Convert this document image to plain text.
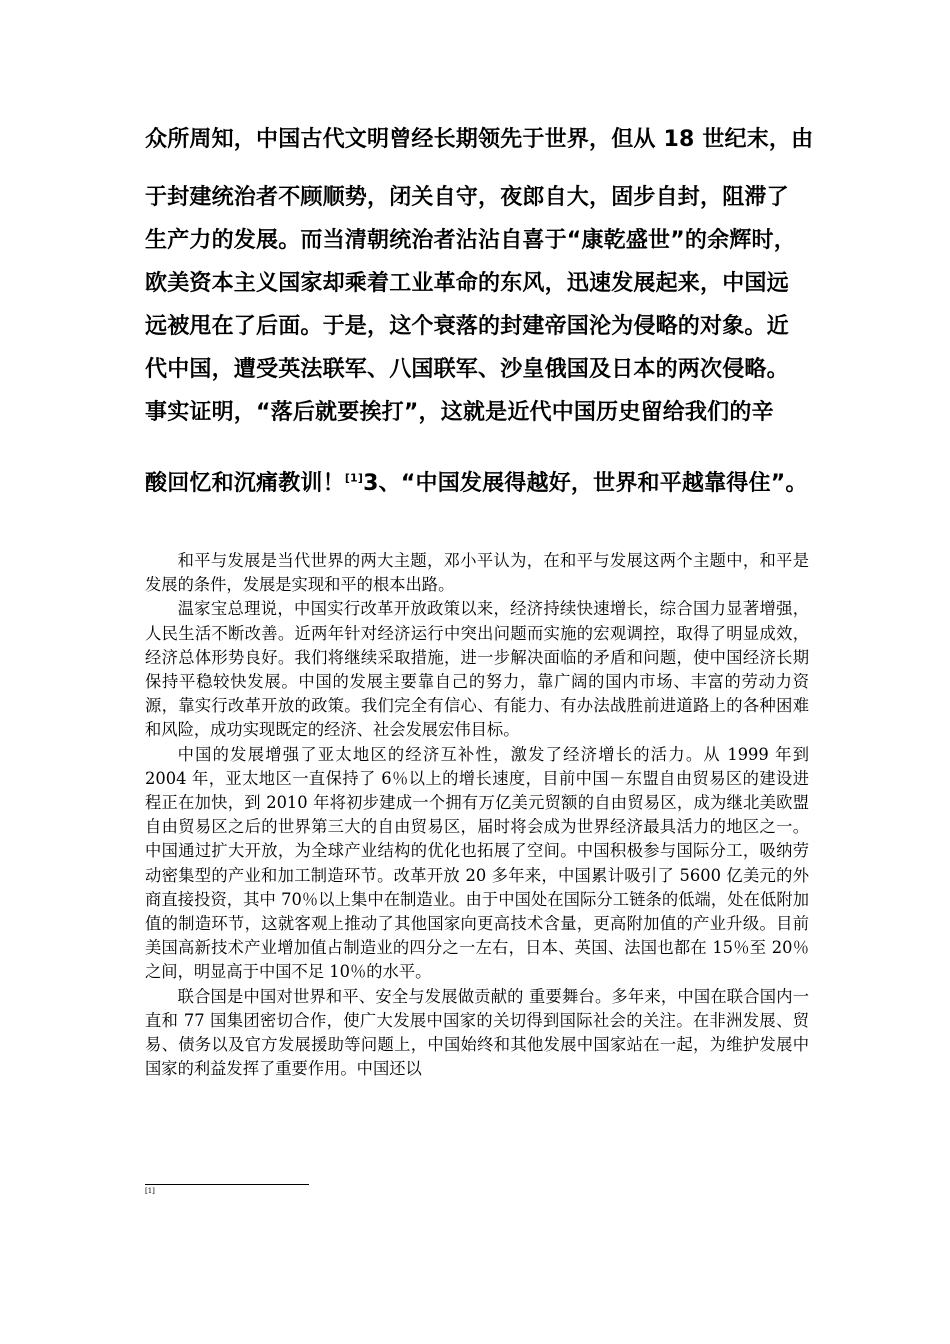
众所周知，中国古代文明曾经长期领先于世界，但从 18 世纪末，由
于封建统治者不顾顺势，闭关自守，夜郎自大，固步自封，阻滞了
生产力的发展。而当清朝统治者沾沾自喜于“康乾盛世”的余辉时，
欧美资本主义国家却乘着工业革命的东风，迅速发展起来，中国远
远被甩在了后面。于是，这个衰落的封建帝国沦为侵略的对象。近
代中国，遭受英法联军、八国联军、沙皇俄国及日本的两次侵略。
事实证明，“落后就要挨打”，这就是近代中国历史留给我们的辛
酸回忆和沉痛教训！[1]3、“中国发展得越好，世界和平越靠得住”。

和平与发展是当代世界的两大主题，邓小平认为，在和平与发展这两个主题中，和平是发展的条件，发展是实现和平的根本出路。

温家宝总理说，中国实行改革开放政策以来，经济持续快速增长，综合国力显著增强，人民生活不断改善。近两年针对经济运行中突出问题而实施的宏观调控，取得了明显成效，经济总体形势良好。我们将继续采取措施，进一步解决面临的矛盾和问题，使中国经济长期保持平稳较快发展。中国的发展主要靠自己的努力，靠广阔的国内市场、丰富的劳动力资源，靠实行改革开放的政策。我们完全有信心、有能力、有办法战胜前进道路上的各种困难和风险，成功实现既定的经济、社会发展宏伟目标。

中国的发展增强了亚太地区的经济互补性，激发了经济增长的活力。从 1999 年到 2004 年，亚太地区一直保持了 6％以上的增长速度，目前中国－东盟自由贸易区的建设进程正在加快，到 2010 年将初步建成一个拥有万亿美元贸额的自由贸易区，成为继北美欧盟自由贸易区之后的世界第三大的自由贸易区，届时将会成为世界经济最具活力的地区之一。中国通过扩大开放，为全球产业结构的优化也拓展了空间。中国积极参与国际分工，吸纳劳动密集型的产业和加工制造环节。改革开放 20 多年来，中国累计吸引了 5600 亿美元的外商直接投资，其中 70％以上集中在制造业。由于中国处在国际分工链条的低端，处在低附加值的制造环节，这就客观上推动了其他国家向更高技术含量，更高附加值的产业升级。目前美国高新技术产业增加值占制造业的四分之一左右，日本、英国、法国也都在 15％至 20％之间，明显高于中国不足 10％的水平。

联合国是中国对世界和平、安全与发展做贡献的 重要舞台。多年来，中国在联合国内一直和 77 国集团密切合作，使广大发展中国家的关切得到国际社会的关注。在非洲发展、贸易、债务以及官方发展援助等问题上，中国始终和其他发展中国家站在一起，为维护发展中国家的利益发挥了重要作用。中国还以

[1]
